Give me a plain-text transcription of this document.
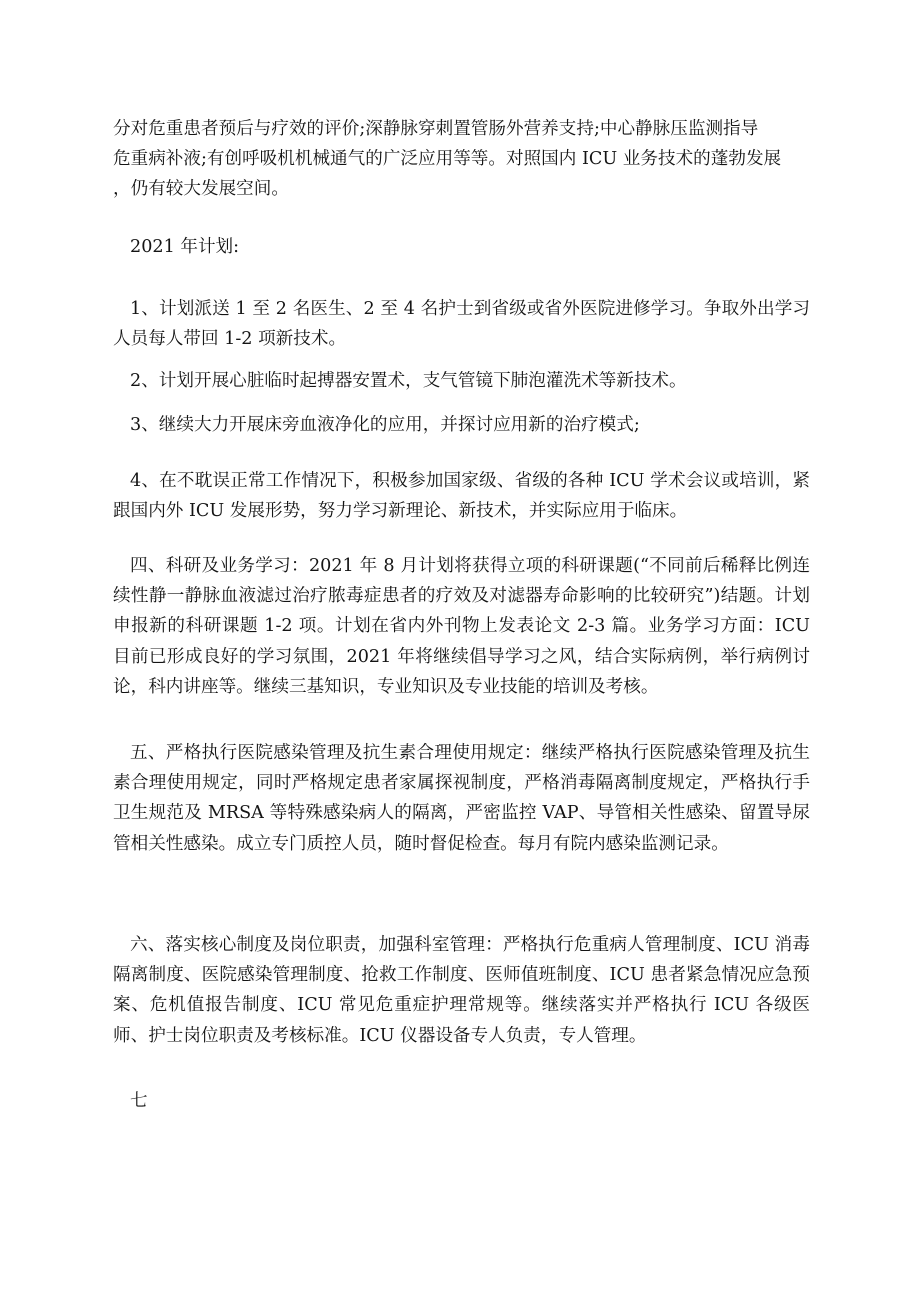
分对危重患者预后与疗效的评价;深静脉穿刺置管肠外营养支持;中心静脉压监测指导
危重病补液;有创呼吸机机械通气的广泛应用等等。对照国内 ICU 业务技术的蓬勃发展
，仍有较大发展空间。

2021 年计划:

1、计划派送 1 至 2 名医生、2 至 4 名护士到省级或省外医院进修学习。争取外出学习人员每人带回 1-2 项新技术。

2、计划开展心脏临时起搏器安置术，支气管镜下肺泡灌洗术等新技术。

3、继续大力开展床旁血液净化的应用，并探讨应用新的治疗模式;

4、在不耽误正常工作情况下，积极参加国家级、省级的各种 ICU 学术会议或培训，紧跟国内外 ICU 发展形势，努力学习新理论、新技术，并实际应用于临床。

四、科研及业务学习：2021 年 8 月计划将获得立项的科研课题(“不同前后稀释比例连续性静一静脉血液滤过治疗脓毒症患者的疗效及对滤器寿命影响的比较研究”)结题。计划申报新的科研课题 1-2 项。计划在省内外刊物上发表论文 2-3 篇。业务学习方面：ICU 目前已形成良好的学习氛围，2021 年将继续倡导学习之风，结合实际病例，举行病例讨论，科内讲座等。继续三基知识，专业知识及专业技能的培训及考核。

五、严格执行医院感染管理及抗生素合理使用规定：继续严格执行医院感染管理及抗生素合理使用规定，同时严格规定患者家属探视制度，严格消毒隔离制度规定，严格执行手卫生规范及 MRSA 等特殊感染病人的隔离，严密监控 VAP、导管相关性感染、留置导尿管相关性感染。成立专门质控人员，随时督促检查。每月有院内感染监测记录。

六、落实核心制度及岗位职责，加强科室管理：严格执行危重病人管理制度、ICU 消毒隔离制度、医院感染管理制度、抢救工作制度、医师值班制度、ICU 患者紧急情况应急预案、危机值报告制度、ICU 常见危重症护理常规等。继续落实并严格执行 ICU 各级医师、护士岗位职责及考核标准。ICU 仪器设备专人负责，专人管理。

七
